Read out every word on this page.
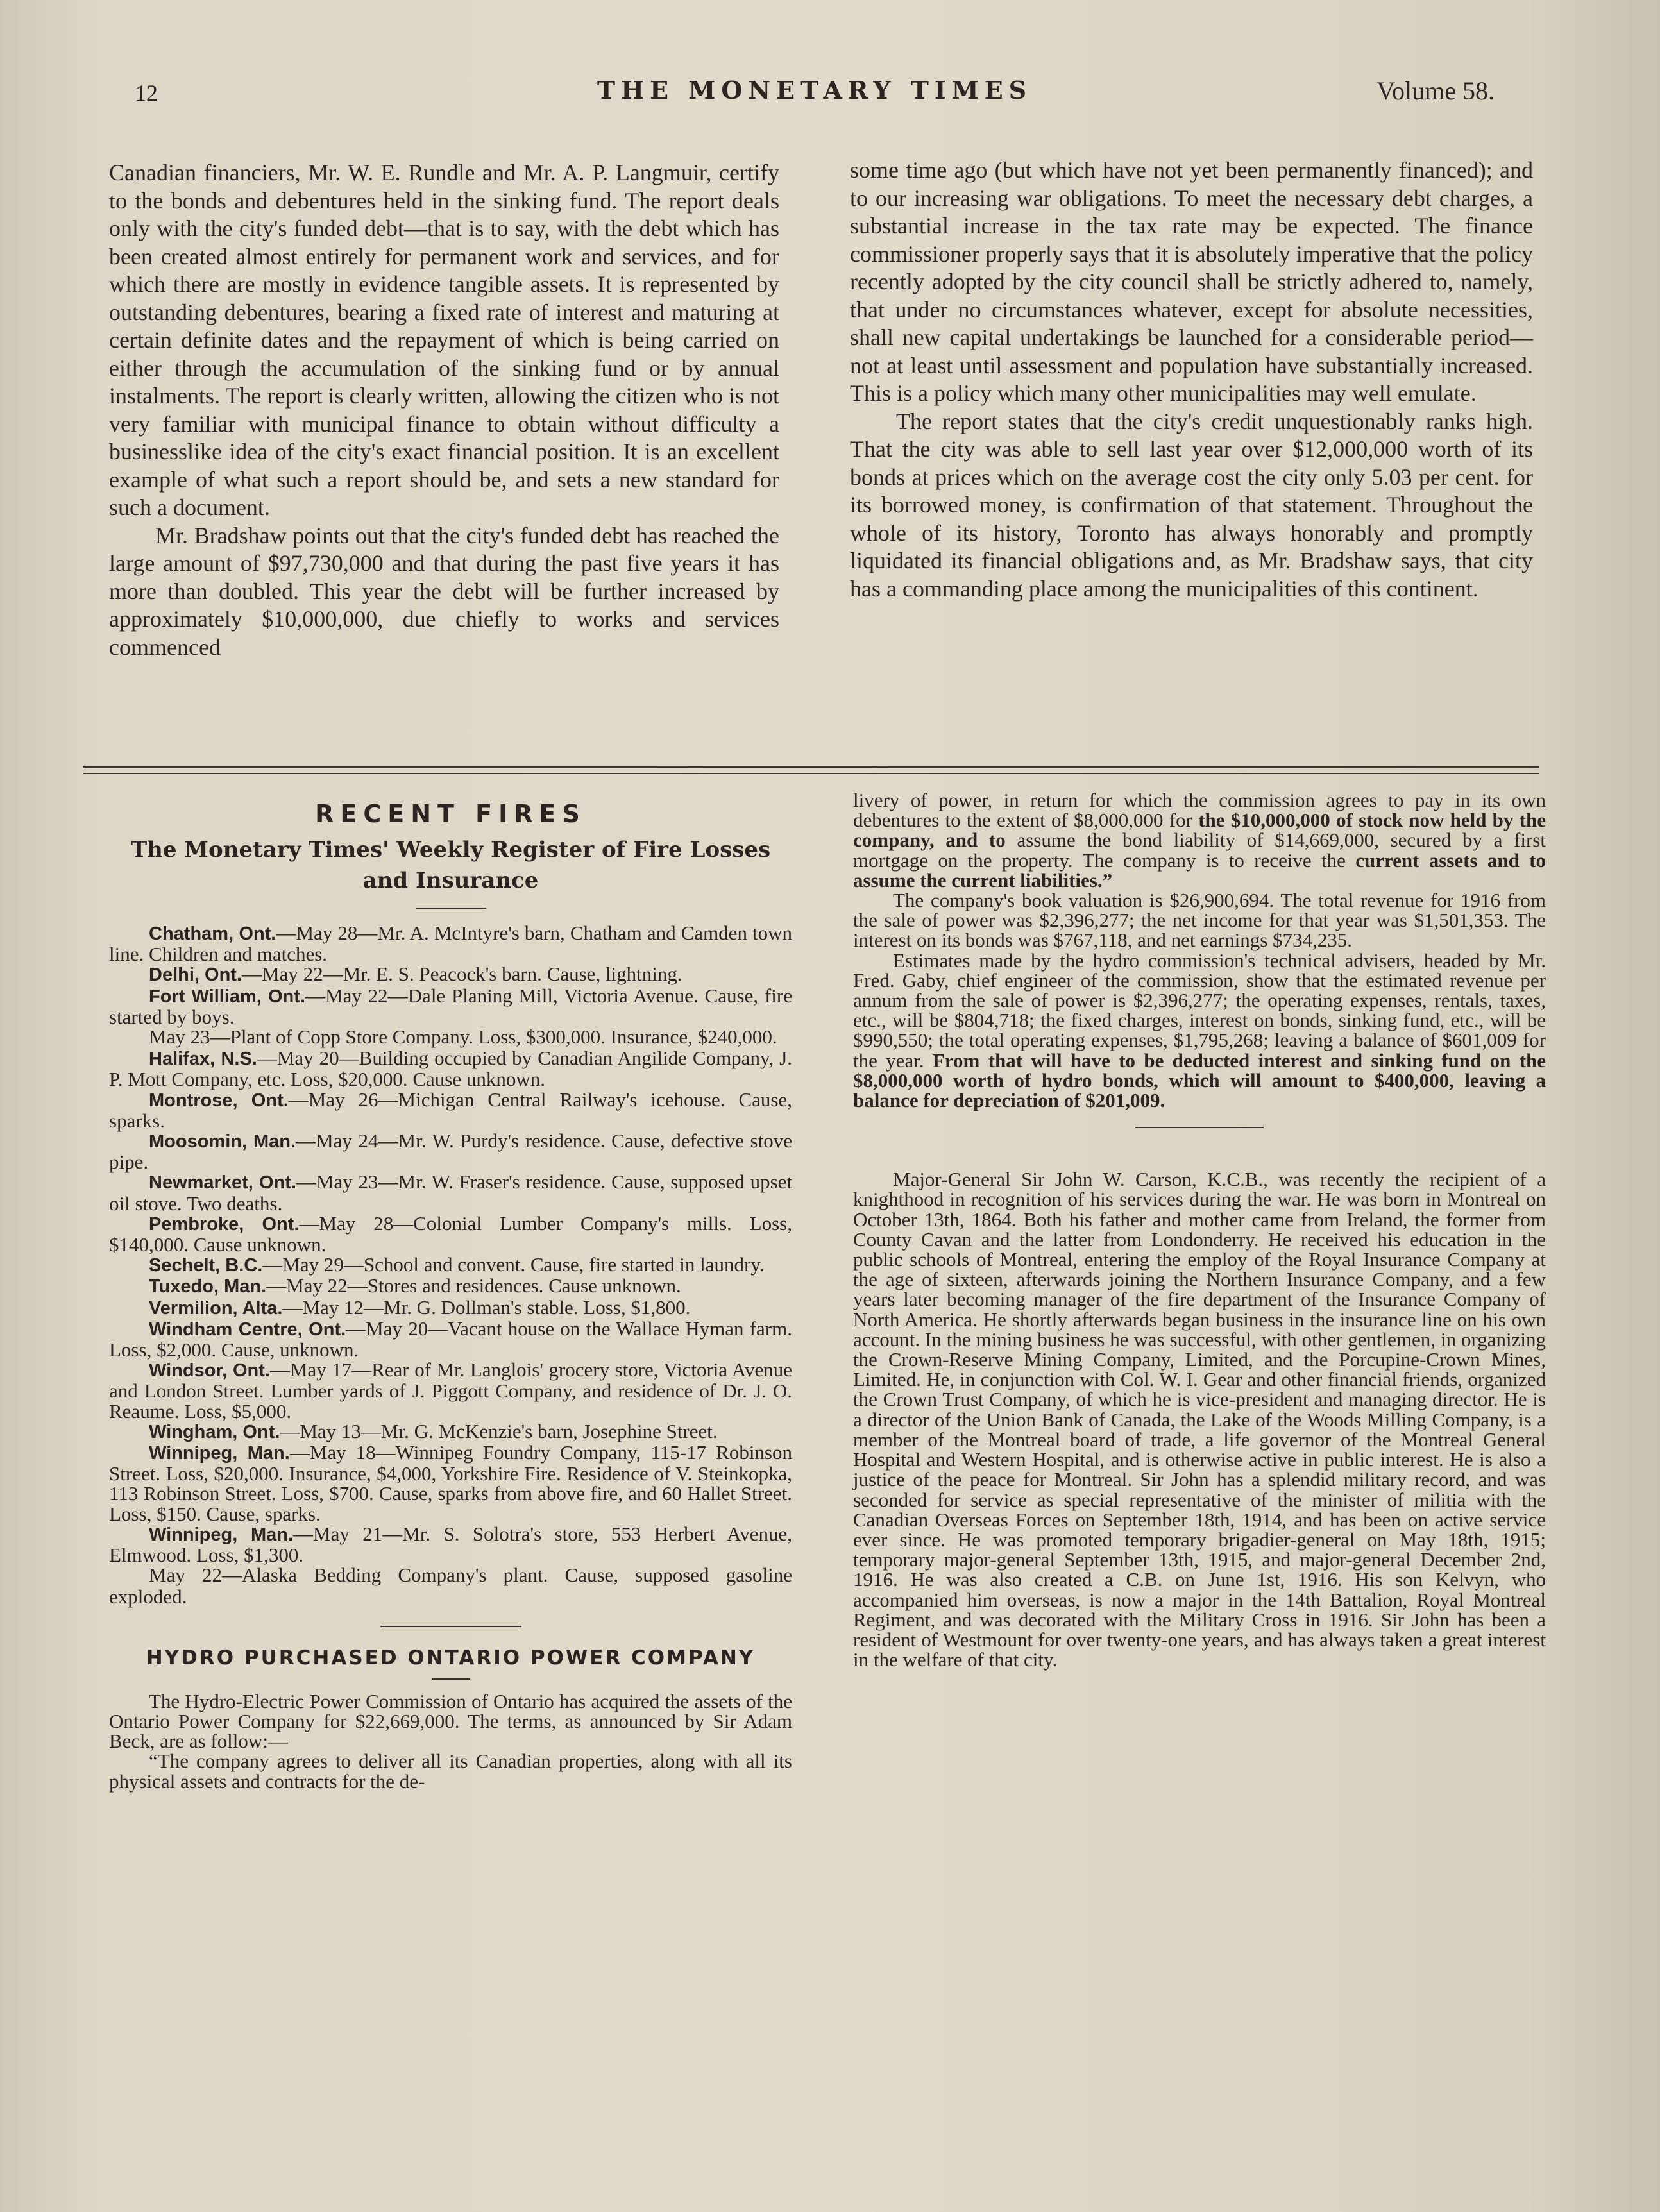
12	THE MONETARY TIMES	Volume 58.

Canadian financiers, Mr. W. E. Rundle and Mr. A. P. Langmuir, certify to the bonds and debentures held in the sinking fund. The report deals only with the city's funded debt—that is to say, with the debt which has been created almost entirely for permanent work and services, and for which there are mostly in evidence tangible assets. It is represented by outstanding debentures, bearing a fixed rate of interest and maturing at certain definite dates and the repayment of which is being carried on either through the accumulation of the sinking fund or by annual instalments. The report is clearly written, allowing the citizen who is not very familiar with municipal finance to obtain without difficulty a businesslike idea of the city's exact financial position. It is an excellent example of what such a report should be, and sets a new standard for such a document.

Mr. Bradshaw points out that the city's funded debt has reached the large amount of $97,730,000 and that during the past five years it has more than doubled. This year the debt will be further increased by approximately $10,000,000, due chiefly to works and services commenced

some time ago (but which have not yet been permanently financed); and to our increasing war obligations. To meet the necessary debt charges, a substantial increase in the tax rate may be expected. The finance commissioner properly says that it is absolutely imperative that the policy recently adopted by the city council shall be strictly adhered to, namely, that under no circumstances whatever, except for absolute necessities, shall new capital undertakings be launched for a considerable period—not at least until assessment and population have substantially increased. This is a policy which many other municipalities may well emulate.

The report states that the city's credit unquestionably ranks high. That the city was able to sell last year over $12,000,000 worth of its bonds at prices which on the average cost the city only 5.03 per cent. for its borrowed money, is confirmation of that statement. Throughout the whole of its history, Toronto has always honorably and promptly liquidated its financial obligations and, as Mr. Bradshaw says, that city has a commanding place among the municipalities of this continent.

RECENT FIRES
The Monetary Times' Weekly Register of Fire Losses and Insurance

Chatham, Ont.—May 28—Mr. A. McIntyre's barn, Chatham and Camden town line. Children and matches.

Delhi, Ont.—May 22—Mr. E. S. Peacock's barn. Cause, lightning.

Fort William, Ont.—May 22—Dale Planing Mill, Victoria Avenue. Cause, fire started by boys.

May 23—Plant of Copp Store Company. Loss, $300,000. Insurance, $240,000.

Halifax, N.S.—May 20—Building occupied by Canadian Angilide Company, J. P. Mott Company, etc. Loss, $20,000. Cause unknown.

Montrose, Ont.—May 26—Michigan Central Railway's icehouse. Cause, sparks.

Moosomin, Man.—May 24—Mr. W. Purdy's residence. Cause, defective stove pipe.

Newmarket, Ont.—May 23—Mr. W. Fraser's residence. Cause, supposed upset oil stove. Two deaths.

Pembroke, Ont.—May 28—Colonial Lumber Company's mills. Loss, $140,000. Cause unknown.

Sechelt, B.C.—May 29—School and convent. Cause, fire started in laundry.

Tuxedo, Man.—May 22—Stores and residences. Cause unknown.

Vermilion, Alta.—May 12—Mr. G. Dollman's stable. Loss, $1,800.

Windham Centre, Ont.—May 20—Vacant house on the Wallace Hyman farm. Loss, $2,000. Cause, unknown.

Windsor, Ont.—May 17—Rear of Mr. Langlois' grocery store, Victoria Avenue and London Street. Lumber yards of J. Piggott Company, and residence of Dr. J. O. Reaume. Loss, $5,000.

Wingham, Ont.—May 13—Mr. G. McKenzie's barn, Josephine Street.

Winnipeg, Man.—May 18—Winnipeg Foundry Company, 115-17 Robinson Street. Loss, $20,000. Insurance, $4,000, Yorkshire Fire. Residence of V. Steinkopka, 113 Robinson Street. Loss, $700. Cause, sparks from above fire, and 60 Hallet Street. Loss, $150. Cause, sparks.

Winnipeg, Man.—May 21—Mr. S. Solotra's store, 553 Herbert Avenue, Elmwood. Loss, $1,300.

May 22—Alaska Bedding Company's plant. Cause, supposed gasoline exploded.

HYDRO PURCHASED ONTARIO POWER COMPANY

The Hydro-Electric Power Commission of Ontario has acquired the assets of the Ontario Power Company for $22,669,000. The terms, as announced by Sir Adam Beck, are as follow:—

“The company agrees to deliver all its Canadian properties, along with all its physical assets and contracts for the de-

livery of power, in return for which the commission agrees to pay in its own debentures to the extent of $8,000,000 for the $10,000,000 of stock now held by the company, and to assume the bond liability of $14,669,000, secured by a first mortgage on the property. The company is to receive the current assets and to assume the current liabilities.”

The company's book valuation is $26,900,694. The total revenue for 1916 from the sale of power was $2,396,277; the net income for that year was $1,501,353. The interest on its bonds was $767,118, and net earnings $734,235.

Estimates made by the hydro commission's technical advisers, headed by Mr. Fred. Gaby, chief engineer of the commission, show that the estimated revenue per annum from the sale of power is $2,396,277; the operating expenses, rentals, taxes, etc., will be $804,718; the fixed charges, interest on bonds, sinking fund, etc., will be $990,550; the total operating expenses, $1,795,268; leaving a balance of $601,009 for the year. From that will have to be deducted interest and sinking fund on the $8,000,000 worth of hydro bonds, which will amount to $400,000, leaving a balance for depreciation of $201,009.

Major-General Sir John W. Carson, K.C.B., was recently the recipient of a knighthood in recognition of his services during the war. He was born in Montreal on October 13th, 1864. Both his father and mother came from Ireland, the former from County Cavan and the latter from Londonderry. He received his education in the public schools of Montreal, entering the employ of the Royal Insurance Company at the age of sixteen, afterwards joining the Northern Insurance Company, and a few years later becoming manager of the fire department of the Insurance Company of North America. He shortly afterwards began business in the insurance line on his own account. In the mining business he was successful, with other gentlemen, in organizing the Crown-Reserve Mining Company, Limited, and the Porcupine-Crown Mines, Limited. He, in conjunction with Col. W. I. Gear and other financial friends, organized the Crown Trust Company, of which he is vice-president and managing director. He is a director of the Union Bank of Canada, the Lake of the Woods Milling Company, is a member of the Montreal board of trade, a life governor of the Montreal General Hospital and Western Hospital, and is otherwise active in public interest. He is also a justice of the peace for Montreal. Sir John has a splendid military record, and was seconded for service as special representative of the minister of militia with the Canadian Overseas Forces on September 18th, 1914, and has been on active service ever since. He was promoted temporary brigadier-general on May 18th, 1915; temporary major-general September 13th, 1915, and major-general December 2nd, 1916. He was also created a C.B. on June 1st, 1916. His son Kelvyn, who accompanied him overseas, is now a major in the 14th Battalion, Royal Montreal Regiment, and was decorated with the Military Cross in 1916. Sir John has been a resident of Westmount for over twenty-one years, and has always taken a great interest in the welfare of that city.
